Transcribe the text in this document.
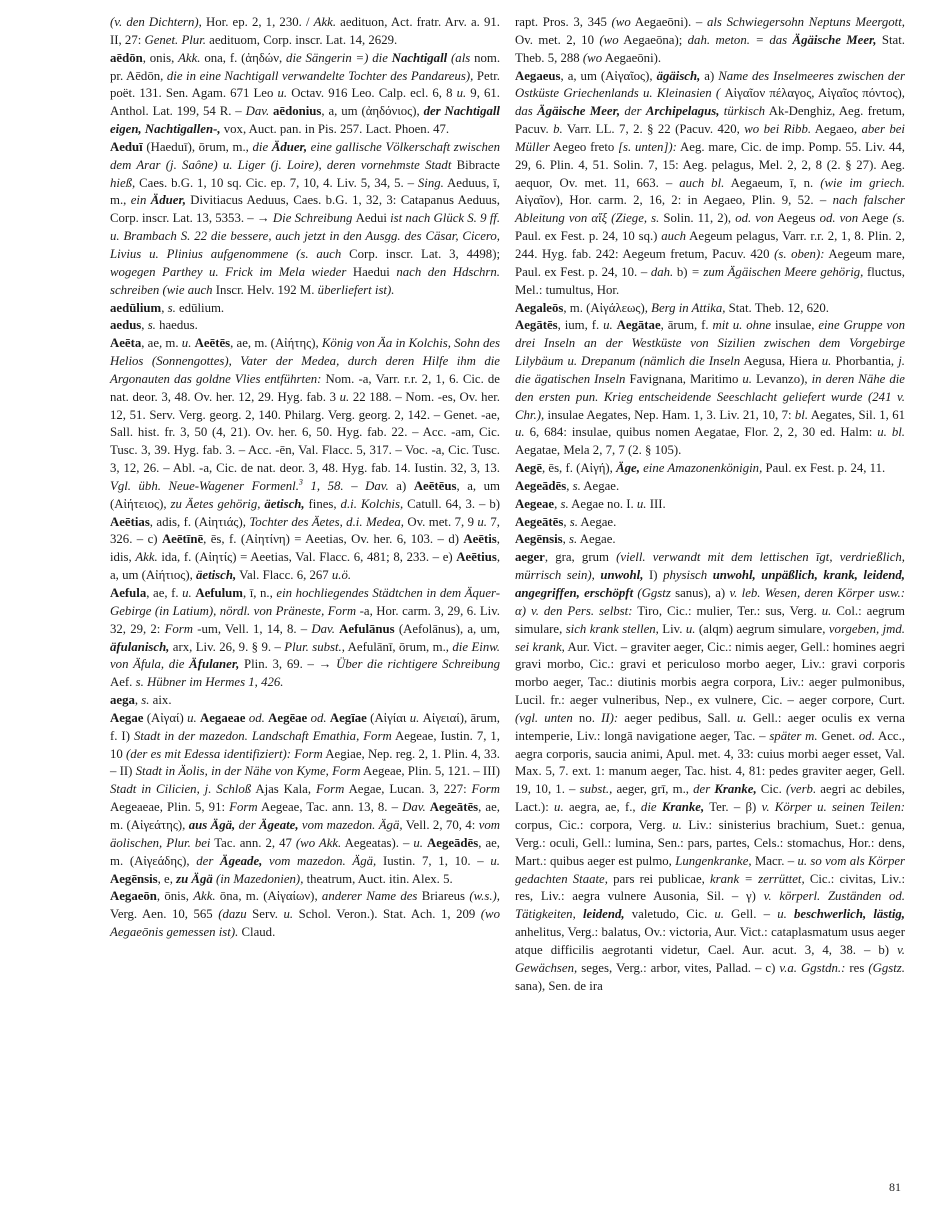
(v. den Dichtern), Hor. ep. 2, 1, 230. / Akk. aedituon, Act. fratr. Arv. a. 91. II, 27: Genet. Plur. aedituom, Corp. inscr. Lat. 14, 2629.

aēdōn, onis, Akk. ona, f. (ἀηδών, die Sängerin =) die Nachtigall (als nom. pr. Aēdōn, die in eine Nachtigall verwandelte Tochter des Pandareus), Petr. poët. 131. Sen. Agam. 671 Leo u. Octav. 916 Leo. Calp. ecl. 6, 8 u. 9, 61. Anthol. Lat. 199, 54 R. – Dav. aēdonius, a, um (ἀηδόνιος), der Nachtigall eigen, Nachtigallen-, vox, Auct. pan. in Pis. 257. Lact. Phoen. 47.

Aeduī (Haeduī), ōrum, m., die Äduer, eine gallische Völkerschaft zwischen dem Arar (j. Saône) u. Liger (j. Loire), deren vornehmste Stadt Bibracte hieß, Caes. b.G. 1, 10 sq. Cic. ep. 7, 10, 4. Liv. 5, 34, 5. – Sing. Aeduus, ī, m., ein Äduer, Divitiacus Aeduus, Caes. b.G. 1, 32, 3: Catapanus Aeduus, Corp. inscr. Lat. 13, 5353. – → Die Schreibung Aedui ist nach Glück S. 9 ff. u. Brambach S. 22 die bessere, auch jetzt in den Ausgg. des Cäsar, Cicero, Livius u. Plinius aufgenommene (s. auch Corp. inscr. Lat. 3, 4498); wogegen Parthey u. Frick im Mela wieder Haedui nach den Hdschrn. schreiben (wie auch Inscr. Helv. 192 M. überliefert ist).

aedūlium, s. edūlium.

aedus, s. haedus.

Aeēta, ae, m. u. Aeētēs, ae, m. (Αἰήτης), König von Äa in Kolchis, Sohn des Helios (Sonnengottes), Vater der Medea, durch deren Hilfe ihm die Argonauten das goldne Vlies entführten: Nom. -a, Varr. r.r. 2, 1, 6. Cic. de nat. deor. 3, 48. Ov. her. 12, 29. Hyg. fab. 3 u. 22 188. – Nom. -es, Ov. her. 12, 51. Serv. Verg. georg. 2, 140. Philarg. Verg. georg. 2, 142. – Genet. -ae, Sall. hist. fr. 3, 50 (4, 21). Ov. her. 6, 50. Hyg. fab. 22. – Acc. -am, Cic. Tusc. 3, 39. Hyg. fab. 3. – Acc. -ēn, Val. Flacc. 5, 317. – Voc. -a, Cic. Tusc. 3, 12, 26. – Abl. -a, Cic. de nat. deor. 3, 48. Hyg. fab. 14. Iustin. 32, 3, 13. Vgl. übh. Neue-Wagener Formenl.$^3$ 1, 58. – Dav. a) Aeētēus, a, um (Αἰήτειος), zu Äetes gehörig, äetisch, fines, d.i. Kolchis, Catull. 64, 3. – b) Aeētias, adis, f. (Αἰητιάς), Tochter des Äetes, d.i. Medea, Ov. met. 7, 9 u. 7, 326. – c) Aeētīnē, ēs, f. (Αἰητίνη) = Aeetias, Ov. her. 6, 103. – d) Aeētis, idis, Akk. ida, f. (Αἰητίς) = Aeetias, Val. Flacc. 6, 481; 8, 233. – e) Aeētius, a, um (Αἰήτιος), äetisch, Val. Flacc. 6, 267 u.ö.

Aefula, ae, f. u. Aefulum, ī, n., ein hochliegendes Städtchen in dem Äquer-Gebirge (in Latium), nördl. von Präneste, Form -a, Hor. carm. 3, 29, 6. Liv. 32, 29, 2: Form -um, Vell. 1, 14, 8. – Dav. Aefulānus (Aefolānus), a, um, äfulanisch, arx, Liv. 26, 9. § 9. – Plur. subst., Aefulānī, ōrum, m., die Einw. von Äfula, die Äfulaner, Plin. 3, 69. – → Über die richtigere Schreibung Aef. s. Hübner im Hermes 1, 426.

aega, s. aix.

Aegae (Αἰγαί) u. Aegaeae od. Aegēae od. Aegīae (Αἰγίαι u. Αἰγειαί), ārum, f. I) Stadt in der mazedon. Landschaft Emathia, Form Aegeae, Iustin. 7, 1, 10 (der es mit Edessa identifiziert): Form Aegiae, Nep. reg. 2, 1. Plin. 4, 33. – II) Stadt in Äolis, in der Nähe von Kyme, Form Aegeae, Plin. 5, 121. – III) Stadt in Cilicien, j. Schloß Ajas Kala, Form Aegae, Lucan. 3, 227: Form Aegeaeae, Plin. 5, 91: Form Aegeae, Tac. ann. 13, 8. – Dav. Aegeātēs, ae, m. (Αἰγεάτης), aus Ägä, der Ägeate, vom mazedon. Ägä, Vell. 2, 70, 4: vom äolischen, Plur. bei Tac. ann. 2, 47 (wo Akk. Aegeatas). – u. Aegeādēs, ae, m. (Αἰγεάδης), der Ägeade, vom mazedon. Ägä, Iustin. 7, 1, 10. – u. Aegēnsis, e, zu Ägä (in Mazedonien), theatrum, Auct. itin. Alex. 5.

Aegaeōn, ōnis, Akk. ōna, m. (Αἰγαίων), anderer Name des Briareus (w.s.), Verg. Aen. 10, 565 (dazu Serv. u. Schol. Veron.). Stat. Ach. 1, 209 (wo Aegaeōnis gemessen ist). Claud.

rapt. Pros. 3, 345 (wo Aegaeōni). – als Schwiegersohn Neptuns Meergott, Ov. met. 2, 10 (wo Aegaeōna); dah. meton. = das Ägäische Meer, Stat. Theb. 5, 288 (wo Aegaeōni).

Aegaeus, a, um (Αἰγαῖος), ägäisch, a) Name des Inselmeeres zwischen der Ostküste Griechenlands u. Kleinasien ( Αἰγαῖον πέλαγος, Αἰγαῖος πόντος), das Ägäische Meer, der Archipelagus, türkisch Ak-Denghiz, Aeg. fretum, Pacuv. b. Varr. LL. 7, 2. § 22 (Pacuv. 420, wo bei Ribb. Aegaeo, aber bei Müller Aegeo freto [s. unten]): Aeg. mare, Cic. de imp. Pomp. 55. Liv. 44, 29, 6. Plin. 4, 51. Solin. 7, 15: Aeg. pelagus, Mel. 2, 2, 8 (2. § 27). Aeg. aequor, Ov. met. 11, 663. – auch bl. Aegaeum, ī, n. (wie im griech. Αἰγαῖον), Hor. carm. 2, 16, 2: in Aegaeo, Plin. 9, 52. – nach falscher Ableitung von αἴξ (Ziege, s. Solin. 11, 2), od. von Aegeus od. von Aege (s. Paul. ex Fest. p. 24, 10 sq.) auch Aegeum pelagus, Varr. r.r. 2, 1, 8. Plin. 2, 244. Hyg. fab. 242: Aegeum fretum, Pacuv. 420 (s. oben): Aegeum mare, Paul. ex Fest. p. 24, 10. – dah. b) = zum Ägäischen Meere gehörig, fluctus, Mel.: tumultus, Hor.

Aegaleōs, m. (Αἰγάλεως), Berg in Attika, Stat. Theb. 12, 620.

Aegātēs, ium, f. u. Aegātae, ārum, f. mit u. ohne insulae, eine Gruppe von drei Inseln an der Westküste von Sizilien zwischen dem Vorgebirge Lilybäum u. Drepanum (nämlich die Inseln Aegusa, Hiera u. Phorbantia, j. die ägatischen Inseln Favignana, Maritimo u. Levanzo), in deren Nähe die den ersten pun. Krieg entscheidende Seeschlacht geliefert wurde (241 v. Chr.), insulae Aegates, Nep. Ham. 1, 3. Liv. 21, 10, 7: bl. Aegates, Sil. 1, 61 u. 6, 684: insulae, quibus nomen Aegatae, Flor. 2, 2, 30 ed. Halm: u. bl. Aegatae, Mela 2, 7, 7 (2. § 105).

Aegē, ēs, f. (Αἰγή), Äge, eine Amazonenkönigin, Paul. ex Fest. p. 24, 11.

Aegeādēs, s. Aegae.

Aegeae, s. Aegae no. I. u. III.

Aegeātēs, s. Aegae.

Aegēnsis, s. Aegae.

aeger, gra, grum (viell. verwandt mit dem lettischen īgt, verdrießlich, mürrisch sein), unwohl, I) physisch unwohl, unpäßlich, krank, leidend, angegriffen, erschöpft (Ggstz sanus), a) v. leb. Wesen, deren Körper usw.: α) v. den Pers. selbst: Tiro, Cic.: mulier, Ter.: sus, Verg. u. Col.: aegrum simulare, sich krank stellen, Liv. u. (alqm) aegrum simulare, vorgeben, jmd. sei krank, Aur. Vict. – graviter aeger, Cic.: nimis aeger, Gell.: homines aegri gravi morbo, Cic.: gravi et periculoso morbo aeger, Liv.: gravi corporis morbo aeger, Tac.: diutinis morbis aegra corpora, Liv.: aeger pulmonibus, Lucil. fr.: aeger vulneribus, Nep., ex vulnere, Cic. – aeger corpore, Curt. (vgl. unten no. II): aeger pedibus, Sall. u. Gell.: aeger oculis ex verna intemperie, Liv.: longā navigatione aeger, Tac. – später m. Genet. od. Acc., aegra corporis, saucia animi, Apul. met. 4, 33: cuius morbi aeger esset, Val. Max. 5, 7. ext. 1: manum aeger, Tac. hist. 4, 81: pedes graviter aeger, Gell. 19, 10, 1. – subst., aeger, grī, m., der Kranke, Cic. (verb. aegri ac debiles, Lact.): u. aegra, ae, f., die Kranke, Ter. – β) v. Körper u. seinen Teilen: corpus, Cic.: corpora, Verg. u. Liv.: sinisterius brachium, Suet.: genua, Verg.: oculi, Gell.: lumina, Sen.: pars, partes, Cels.: stomachus, Hor.: dens, Mart.: quibus aeger est pulmo, Lungenkranke, Macr. – u. so vom als Körper gedachten Staate, pars rei publicae, krank = zerrüttet, Cic.: civitas, Liv.: res, Liv.: aegra vulnere Ausonia, Sil. – γ) v. körperl. Zuständen od. Tätigkeiten, leidend, valetudo, Cic. u. Gell. – u. beschwerlich, lästig, anhelitus, Verg.: balatus, Ov.: victoria, Aur. Vict.: cataplasmatum usus aeger atque difficilis aegrotanti videtur, Cael. Aur. acut. 3, 4, 38. – b) v. Gewächsen, seges, Verg.: arbor, vites, Pallad. – c) v.a. Ggstdn.: res (Ggstz. sana), Sen. de ira

81
